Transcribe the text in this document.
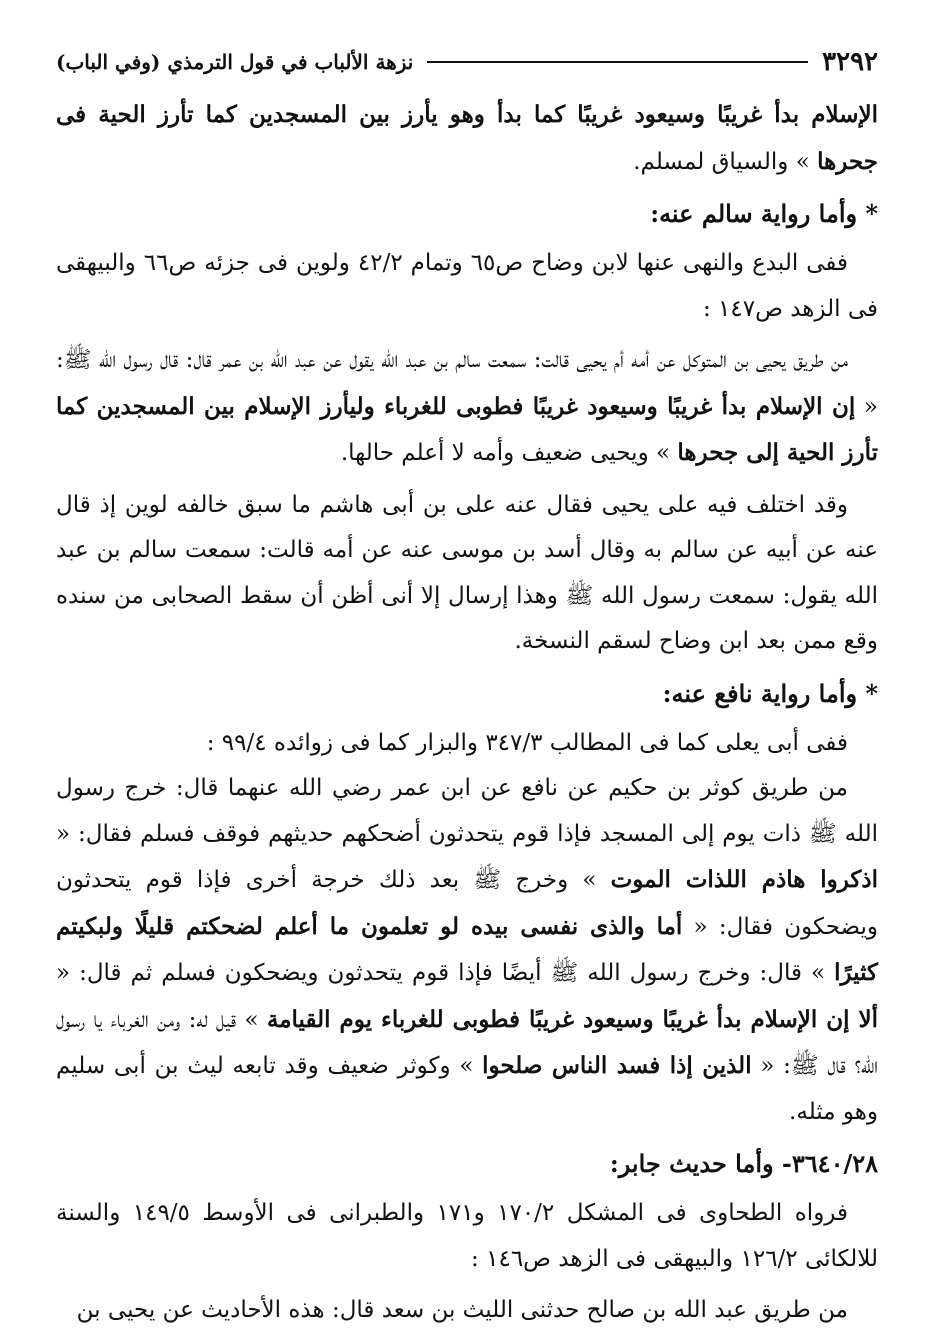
٣٢٩٢
نزهة الألباب في قول الترمذي (وفي الباب)

الإسلام بدأ غريبًا وسيعود غريبًا كما بدأ وهو يأرز بين المسجدين كما تأرز الحية فى جحرها » والسياق لمسلم.

* وأما رواية سالم عنه:

ففى البدع والنهى عنها لابن وضاح ص٦٥ وتمام ٤٢/٢ ولوين فى جزئه ص٦٦ والبيهقى فى الزهد ص١٤٧ :

من طريق يحيى بن المتوكل عن أمه أم يحيى قالت: سمعت سالم بن عبد الله يقول عن عبد الله بن عمر قال: قال رسول الله ﷺ: « إن الإسلام بدأ غريبًا وسيعود غريبًا فطوبى للغرباء وليأرز الإسلام بين المسجدين كما تأرز الحية إلى جحرها » ويحيى ضعيف وأمه لا أعلم حالها.

وقد اختلف فيه على يحيى فقال عنه على بن أبى هاشم ما سبق خالفه لوين إذ قال عنه عن أبيه عن سالم به وقال أسد بن موسى عنه عن أمه قالت: سمعت سالم بن عبد الله يقول: سمعت رسول الله ﷺ وهذا إرسال إلا أنى أظن أن سقط الصحابى من سنده وقع ممن بعد ابن وضاح لسقم النسخة.

* وأما رواية نافع عنه:

ففى أبى يعلى كما فى المطالب ٣٤٧/٣ والبزار كما فى زوائده ٩٩/٤ :

من طريق كوثر بن حكيم عن نافع عن ابن عمر رضي الله عنهما قال: خرج رسول الله ﷺ ذات يوم إلى المسجد فإذا قوم يتحدثون أضحكهم حديثهم فوقف فسلم فقال: « اذكروا هاذم اللذات الموت » وخرج ﷺ بعد ذلك خرجة أخرى فإذا قوم يتحدثون ويضحكون فقال: « أما والذى نفسى بيده لو تعلمون ما أعلم لضحكتم قليلًا ولبكيتم كثيرًا » قال: وخرج رسول الله ﷺ أيضًا فإذا قوم يتحدثون ويضحكون فسلم ثم قال: « ألا إن الإسلام بدأ غريبًا وسيعود غريبًا فطوبى للغرباء يوم القيامة » قيل له: ومن الغرباء يا رسول الله؟ قال ﷺ: « الذين إذا فسد الناس صلحوا » وكوثر ضعيف وقد تابعه ليث بن أبى سليم وهو مثله.

٣٦٤٠/٢٨- وأما حديث جابر:

فرواه الطحاوى فى المشكل ١٧٠/٢ و١٧١ والطبرانى فى الأوسط ١٤٩/٥ والسنة للالكائى ١٢٦/٢ والبيهقى فى الزهد ص١٤٦ :

من طريق عبد الله بن صالح حدثنى الليث بن سعد قال: هذه الأحاديث عن يحيى بن
